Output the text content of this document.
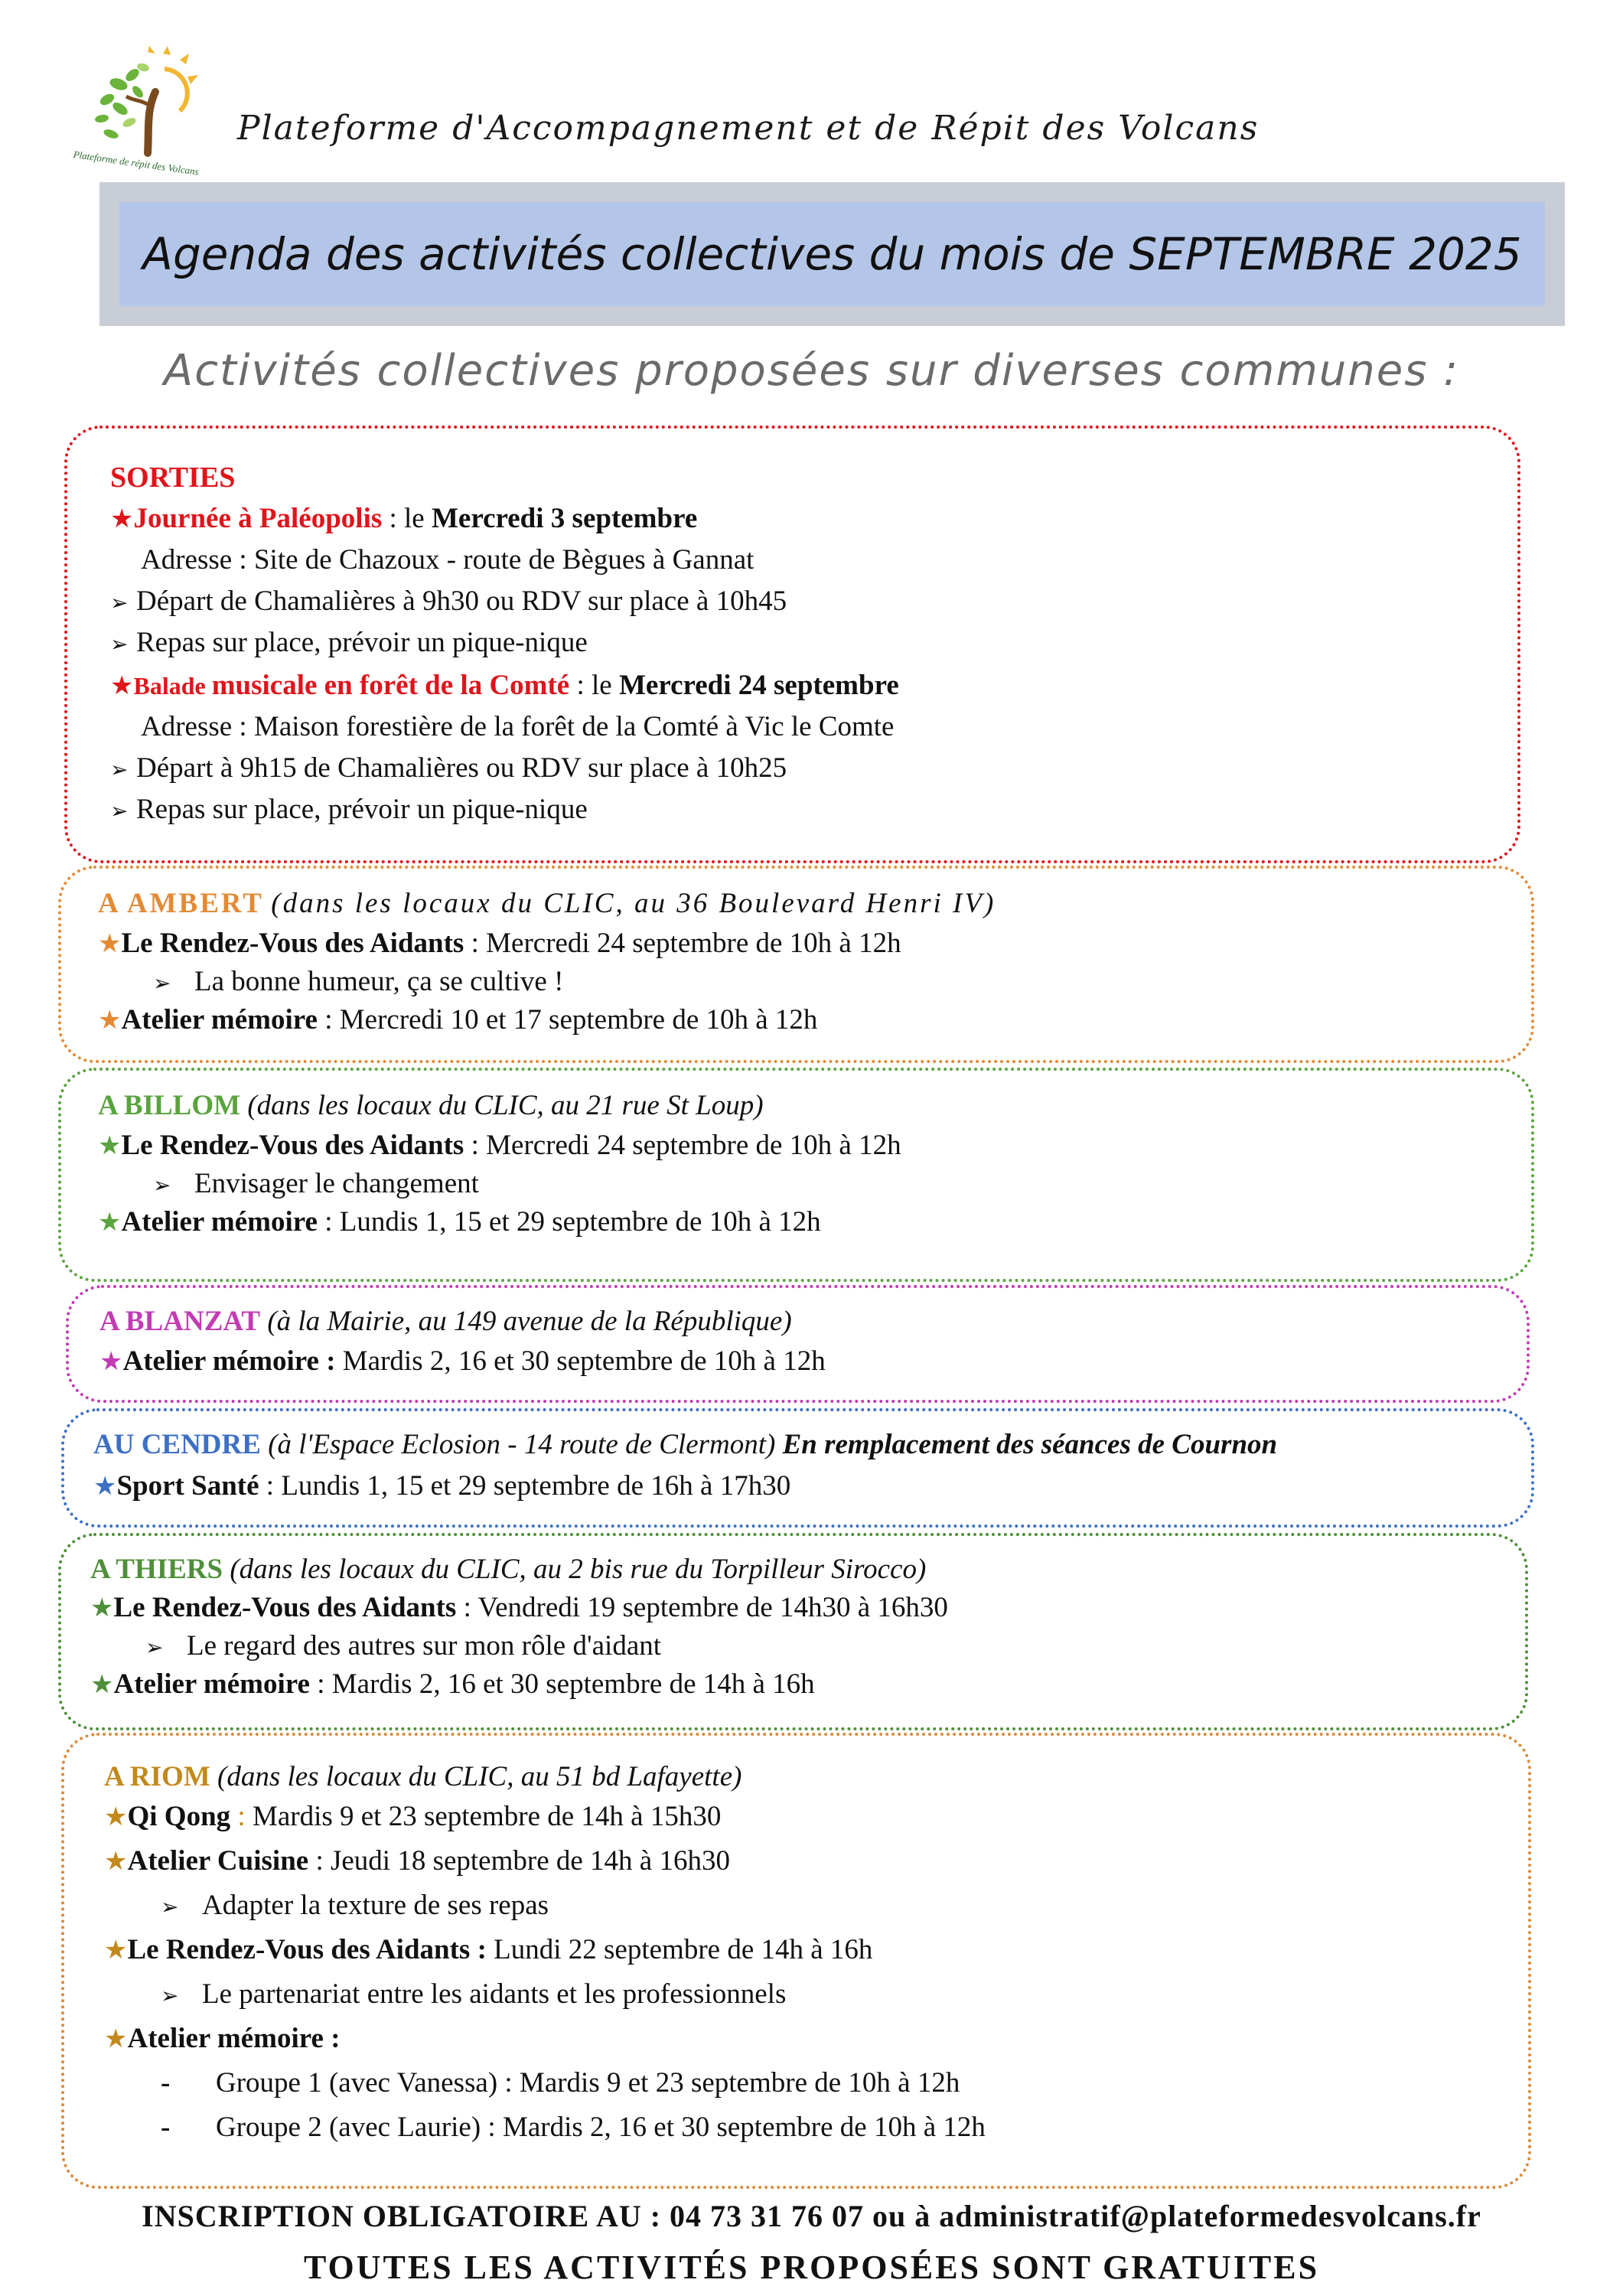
Plateforme de répit des Volcans
Plateforme d'Accompagnement et de Répit des Volcans
Agenda des activités collectives du mois de SEPTEMBRE 2025
Activités collectives proposées sur diverses communes :
SORTIES
★Journée à Paléopolis : le Mercredi 3 septembre
Adresse : Site de Chazoux - route de Bègues à Gannat
➢ Départ de Chamalières à 9h30 ou RDV sur place à 10h45
➢ Repas sur place, prévoir un pique-nique
★Balade musicale en forêt de la Comté : le Mercredi 24 septembre
Adresse : Maison forestière de la forêt de la Comté à Vic le Comte
➢ Départ à 9h15 de Chamalières ou RDV sur place à 10h25
➢ Repas sur place, prévoir un pique-nique
A AMBERT (dans les locaux du CLIC, au 36 Boulevard Henri IV)
★Le Rendez-Vous des Aidants : Mercredi 24 septembre de 10h à 12h
➢ La bonne humeur, ça se cultive !
★Atelier mémoire : Mercredi 10 et 17 septembre de 10h à 12h
A BILLOM (dans les locaux du CLIC, au 21 rue St Loup)
★Le Rendez-Vous des Aidants : Mercredi 24 septembre de 10h à 12h
➢ Envisager le changement
★Atelier mémoire : Lundis 1, 15 et 29 septembre de 10h à 12h
A BLANZAT (à la Mairie, au 149 avenue de la République)
★Atelier mémoire : Mardis 2, 16 et 30 septembre de 10h à 12h
AU CENDRE (à l'Espace Eclosion - 14 route de Clermont) En remplacement des séances de Cournon
★Sport Santé : Lundis 1, 15 et 29 septembre de 16h à 17h30
A THIERS (dans les locaux du CLIC, au 2 bis rue du Torpilleur Sirocco)
★Le Rendez-Vous des Aidants : Vendredi 19 septembre de 14h30 à 16h30
➢ Le regard des autres sur mon rôle d'aidant
★Atelier mémoire : Mardis 2, 16 et 30 septembre de 14h à 16h
A RIOM (dans les locaux du CLIC, au 51 bd Lafayette)
★Qi Qong : Mardis 9 et 23 septembre de 14h à 15h30
★Atelier Cuisine : Jeudi 18 septembre de 14h à 16h30
➢ Adapter la texture de ses repas
★Le Rendez-Vous des Aidants : Lundi 22 septembre de 14h à 16h
➢ Le partenariat entre les aidants et les professionnels
★Atelier mémoire :
- Groupe 1 (avec Vanessa) : Mardis 9 et 23 septembre de 10h à 12h
- Groupe 2 (avec Laurie) : Mardis 2, 16 et 30 septembre de 10h à 12h
INSCRIPTION OBLIGATOIRE AU : 04 73 31 76 07 ou à administratif@plateformedesvolcans.fr
TOUTES LES ACTIVITÉS PROPOSÉES SONT GRATUITES
